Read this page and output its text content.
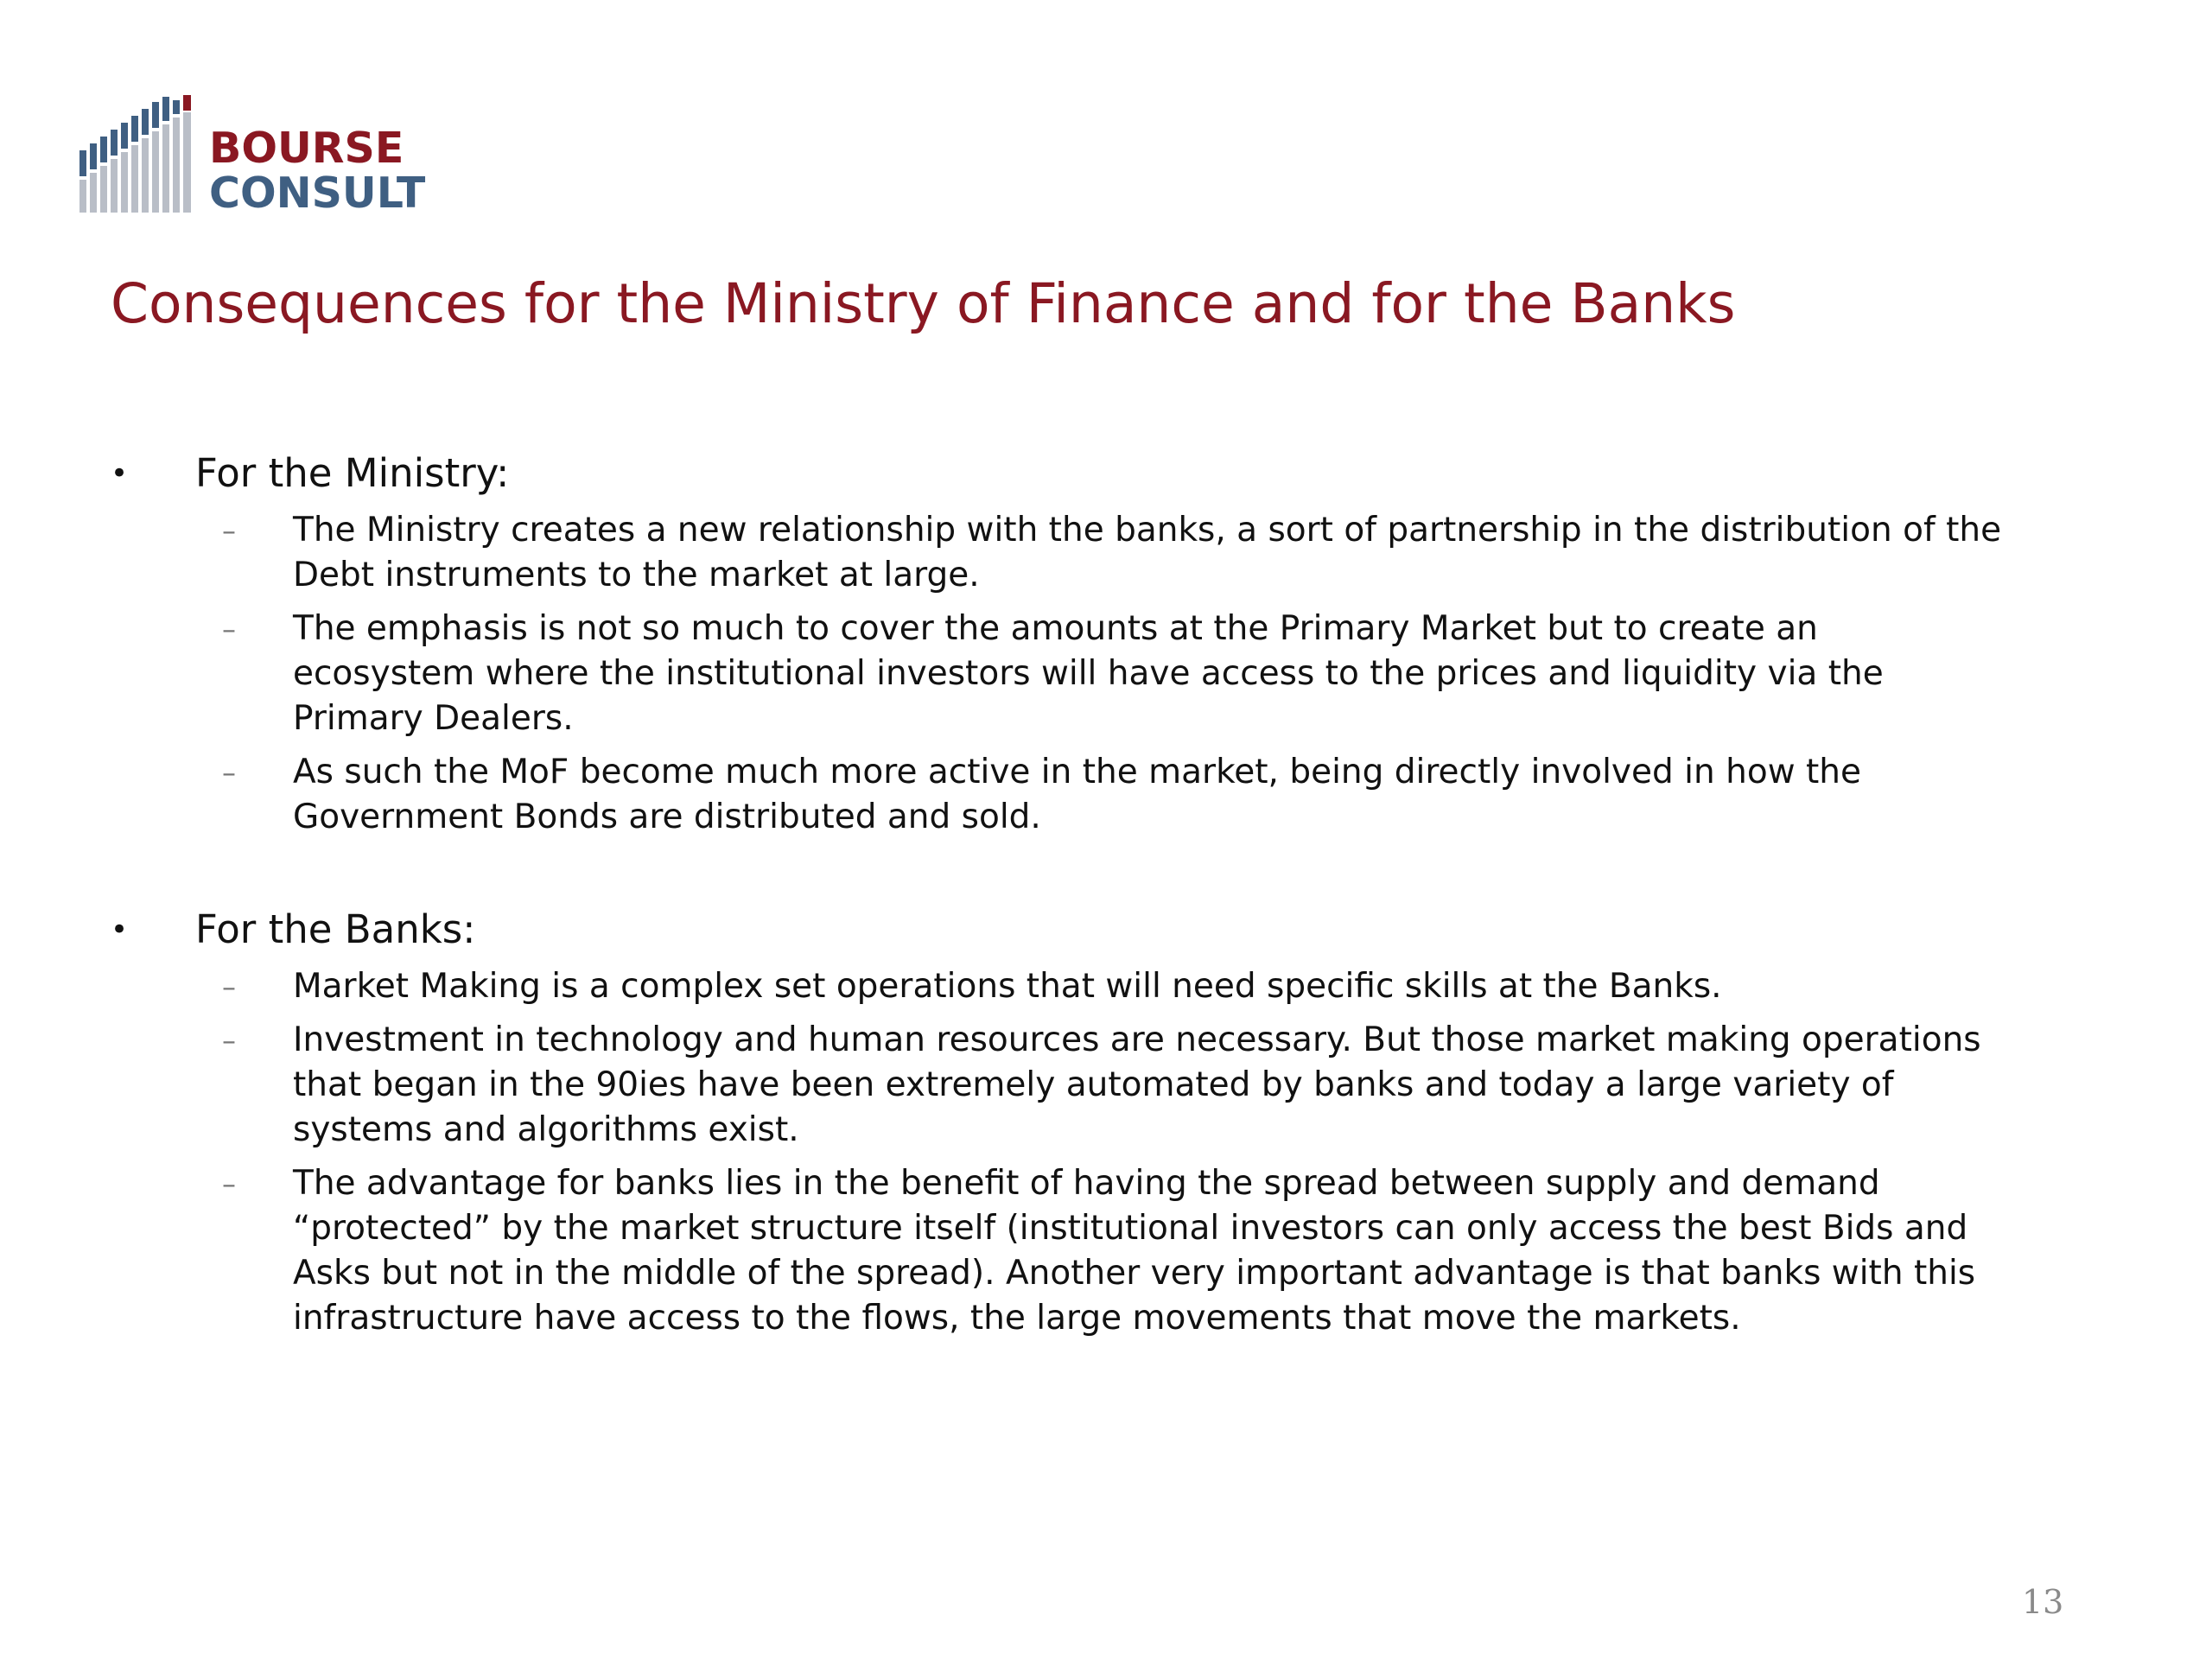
BOURSE
CONSULT
Consequences for the Ministry of Finance and for the Banks
• For the Ministry:
– The Ministry creates a new relationship with the banks, a sort of partnership in the distribution of the Debt instruments to the market at large.
– The emphasis is not so much to cover the amounts at the Primary Market but to create an ecosystem where the institutional investors will have access to the prices and liquidity via the Primary Dealers.
– As such the MoF become much more active in the market, being directly involved in how the Government Bonds are distributed and sold.
• For the Banks:
– Market Making is a complex set operations that will need specific skills at the Banks.
– Investment in technology and human resources are necessary. But those market making operations that began in the 90ies have been extremely automated by banks and today a large variety of systems and algorithms exist.
– The advantage for banks lies in the benefit of having the spread between supply and demand “protected” by the market structure itself (institutional investors can only access the best Bids and Asks but not in the middle of the spread). Another very important advantage is that banks with this infrastructure have access to the flows, the large movements that move the markets.
13
